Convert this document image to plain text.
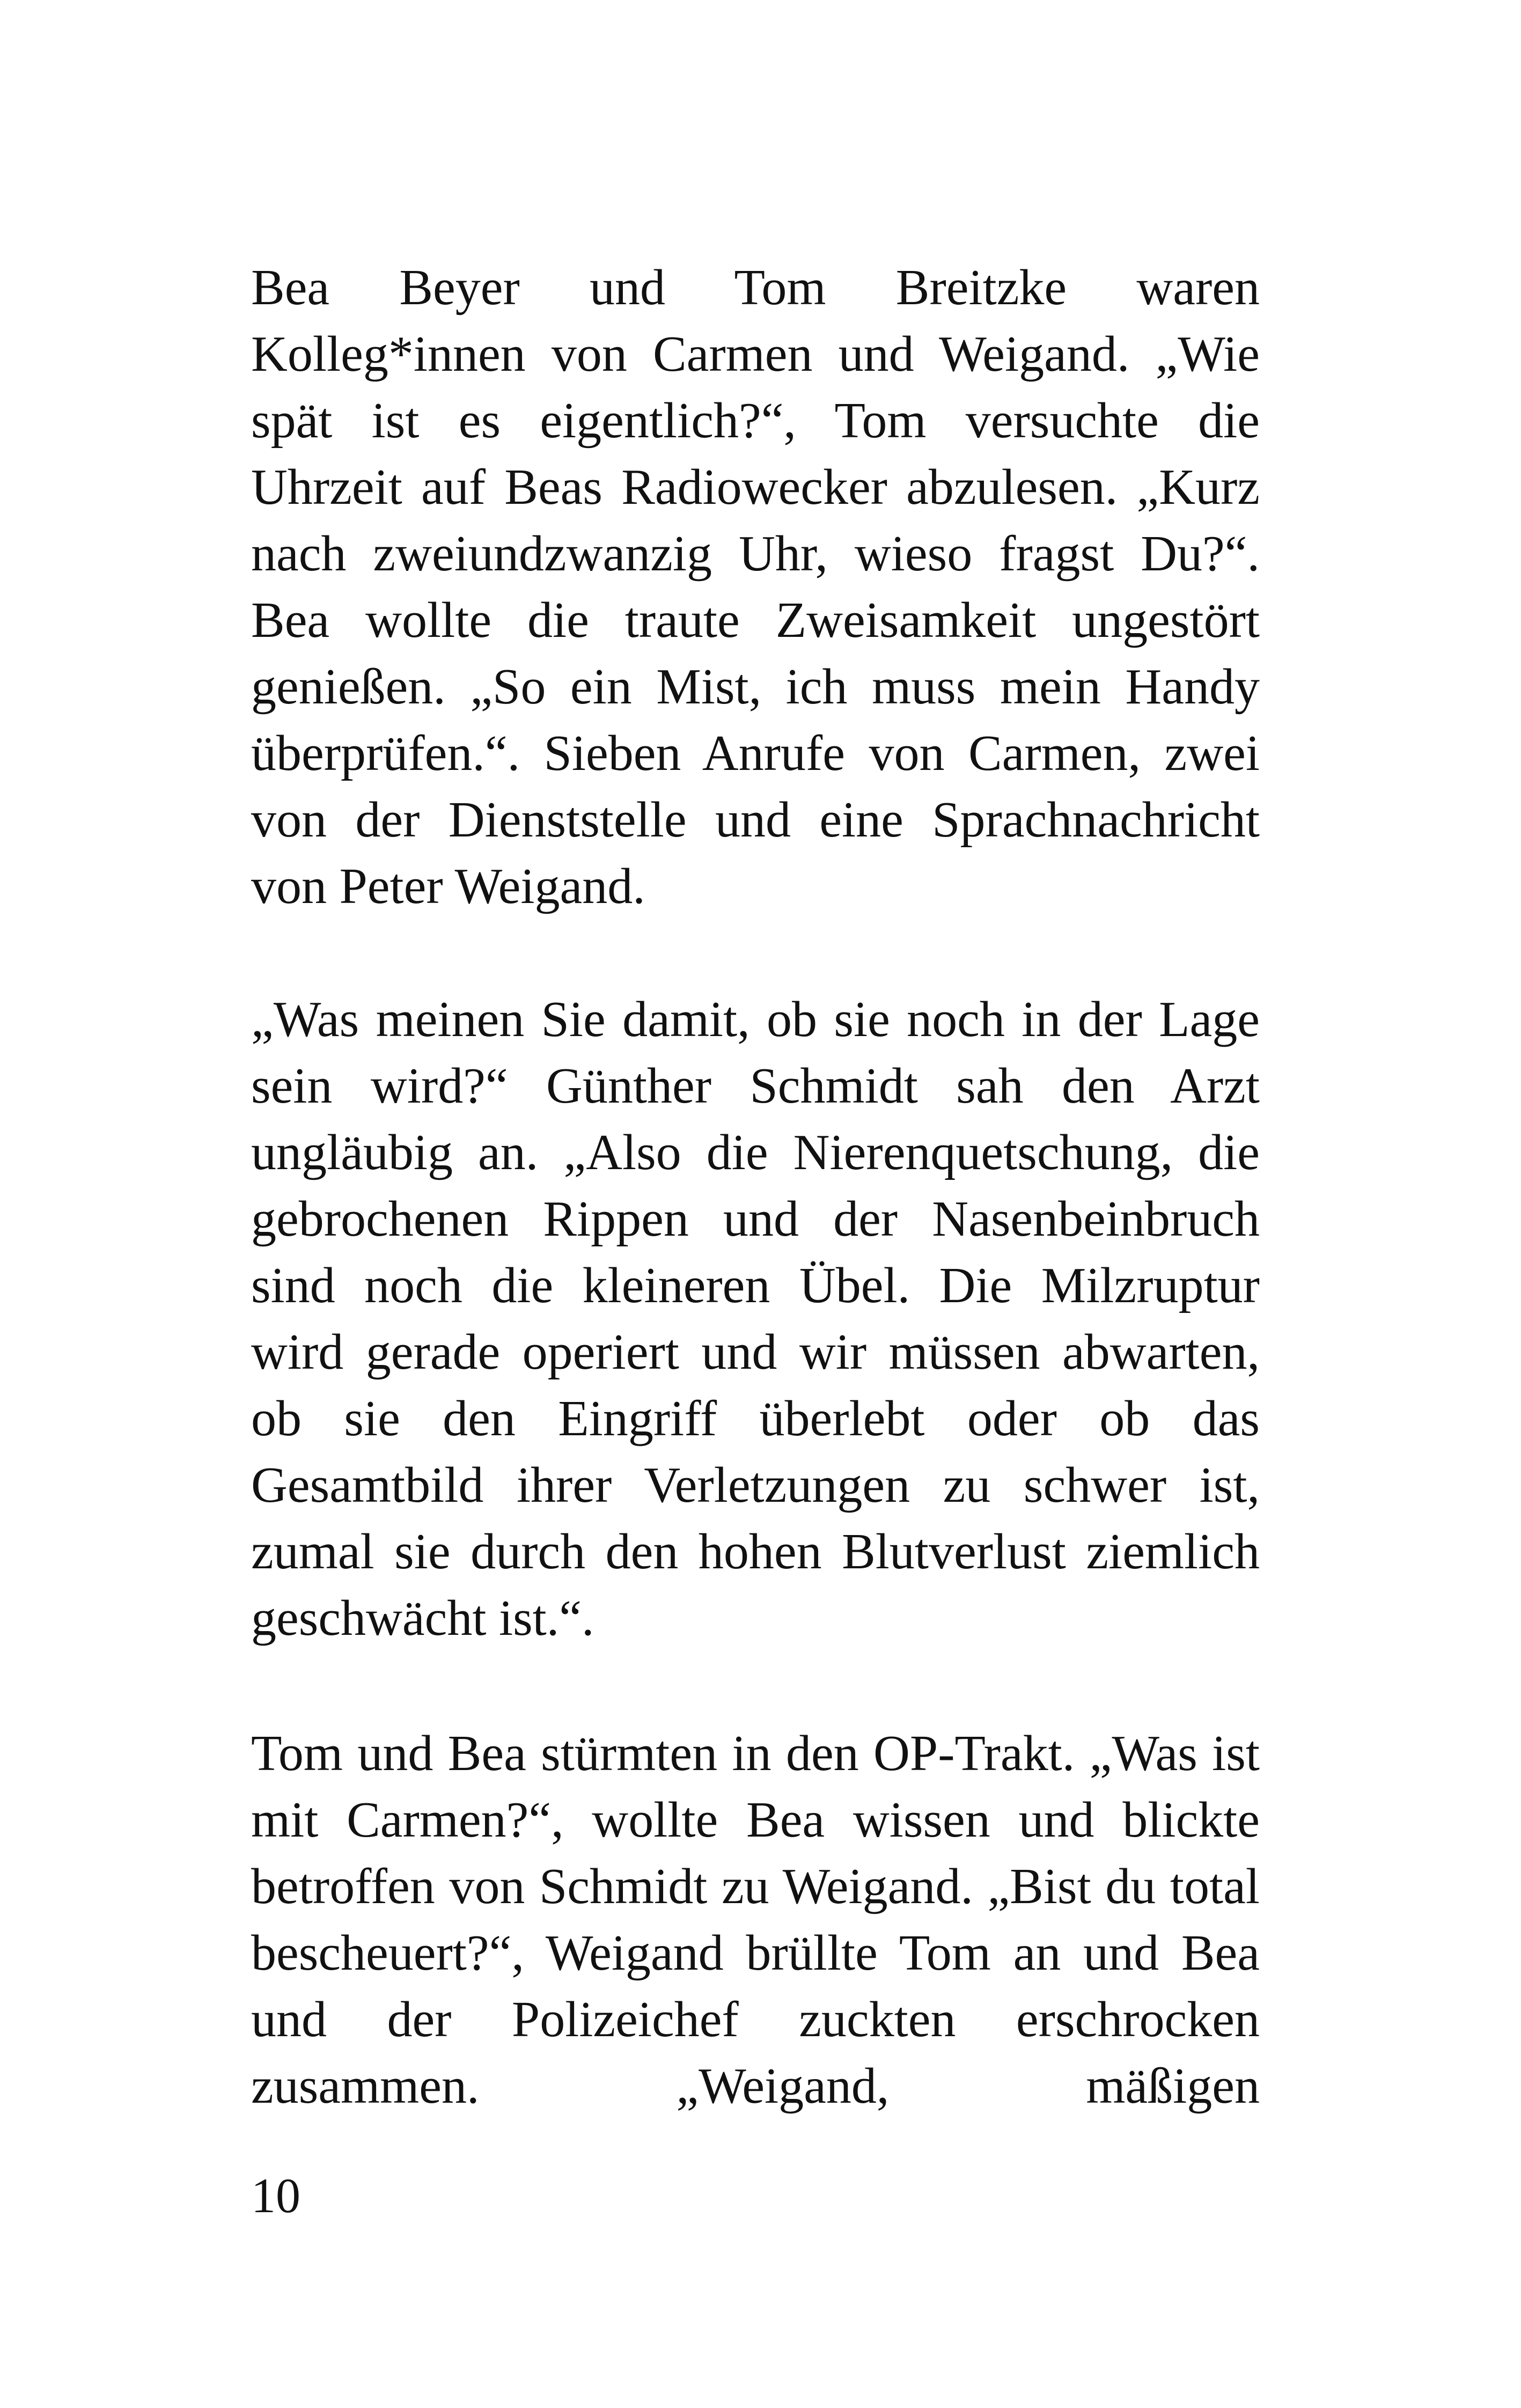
Bea Beyer und Tom Breitzke waren Kolleg*innen von Carmen und Weigand. „Wie spät ist es eigentlich?“, Tom versuchte die Uhrzeit auf Beas Radiowecker abzulesen. „Kurz nach zweiundzwanzig Uhr, wieso fragst Du?“. Bea wollte die traute Zweisamkeit ungestört genießen. „So ein Mist, ich muss mein Handy überprüfen.“. Sieben Anrufe von Carmen, zwei von der Dienststelle und eine Sprachnachricht von Peter Weigand.

„Was meinen Sie damit, ob sie noch in der Lage sein wird?“ Günther Schmidt sah den Arzt ungläubig an. „Also die Nierenquetschung, die gebrochenen Rippen und der Nasenbeinbruch sind noch die kleineren Übel. Die Milzruptur wird gerade operiert und wir müssen abwarten, ob sie den Eingriff überlebt oder ob das Gesamtbild ihrer Verletzungen zu schwer ist, zumal sie durch den hohen Blutverlust ziemlich geschwächt ist.“.

Tom und Bea stürmten in den OP-Trakt. „Was ist mit Carmen?“, wollte Bea wissen und blickte betroffen von Schmidt zu Weigand. „Bist du total bescheuert?“, Weigand brüllte Tom an und Bea und der Polizeichef zuckten erschrocken zusammen. „Weigand, mäßigen

10
